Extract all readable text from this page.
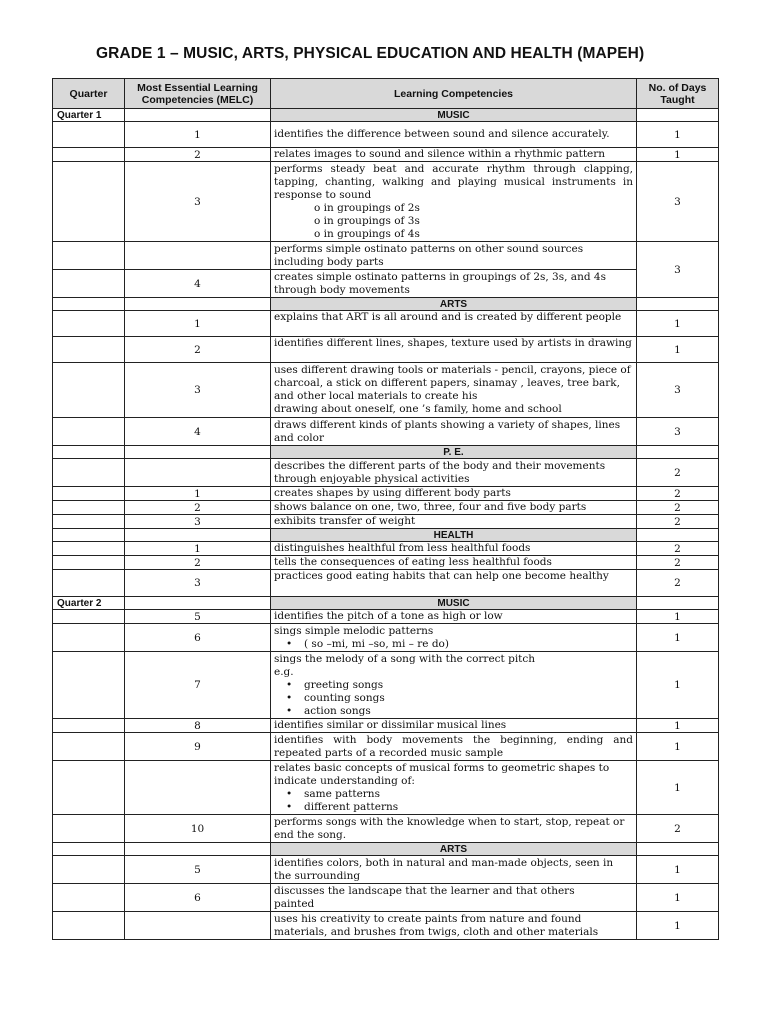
GRADE 1 – MUSIC, ARTS, PHYSICAL EDUCATION AND HEALTH (MAPEH)
Quarter	Most Essential Learning Competencies (MELC)	Learning Competencies	No. of Days Taught
Quarter 1		MUSIC	
	1	identifies the difference between sound and silence accurately.	1
	2	relates images to sound and silence within a rhythmic pattern	1
	3	performs steady beat and accurate rhythm through clapping, tapping, chanting, walking and playing musical instruments in response to sound
o in groupings of 2s
o in groupings of 3s
o in groupings of 4s	3
		performs simple ostinato patterns on other sound sources including body parts	3
	4	creates simple ostinato patterns in groupings of 2s, 3s, and 4s through body movements	
		ARTS	
	1	explains that ART is all around and is created by different people	1
	2	identifies different lines, shapes, texture used by artists in drawing	1
	3	uses different drawing tools or materials - pencil, crayons, piece of
charcoal, a stick on different papers, sinamay , leaves, tree bark,
and other local materials to create his
drawing about oneself, one ’s family, home and school	3
	4	draws different kinds of plants showing a variety of shapes, lines and color	3
		P. E.	
		describes the different parts of the body and their movements through enjoyable physical activities	2
	1	creates shapes by using different body parts	2
	2	shows balance on one, two, three, four and five body parts	2
	3	exhibits transfer of weight	2
		HEALTH	
	1	distinguishes healthful from less healthful foods	2
	2	tells the consequences of eating less healthful foods	2
	3	practices good eating habits that can help one become healthy	2
Quarter 2		MUSIC	
	5	identifies the pitch of a tone as high or low	1
	6	sings simple melodic patterns
• ( so –mi, mi –so, mi – re do)	1
	7	sings the melody of a song with the correct pitch
e.g.
• greeting songs
• counting songs
• action songs	1
	8	identifies similar or dissimilar musical lines	1
	9	identifies with body movements the beginning, ending and repeated parts of a recorded music sample	1

		relates basic concepts of musical forms to geometric shapes to indicate understanding of:
• same patterns
• different patterns	1
	10	performs songs with the knowledge when to start, stop, repeat or end the song.	2
		ARTS	
	5	identifies colors, both in natural and man-made objects, seen in the surrounding	1
	6	discusses the landscape that the learner and that others
painted	1

		uses his creativity to create paints from nature and found
materials, and brushes from twigs, cloth and other materials	1
